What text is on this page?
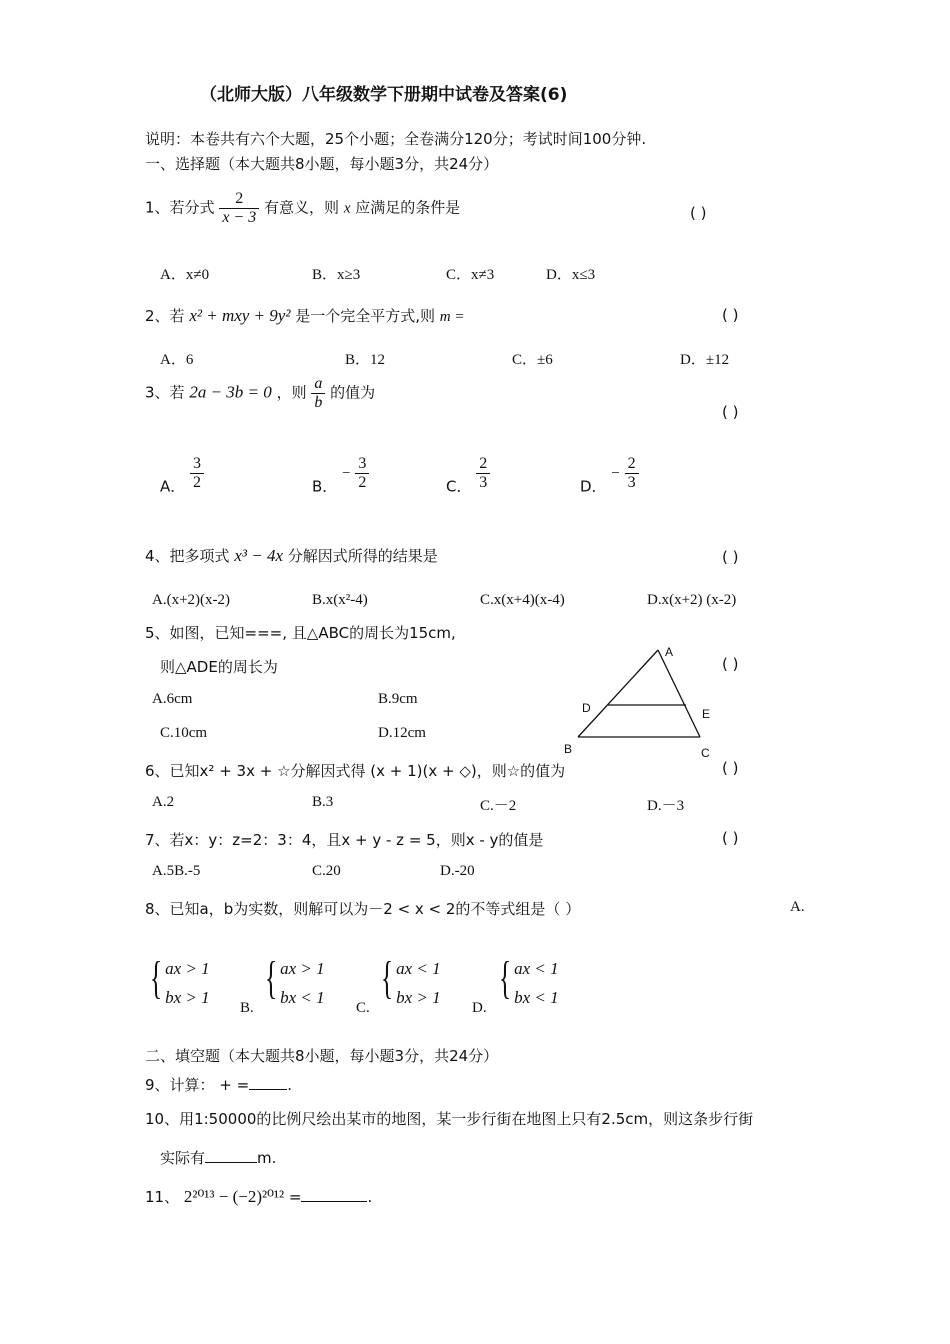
（北师大版）八年级数学下册期中试卷及答案(6)
说明：本卷共有六个大题，25个小题；全卷满分120分；考试时间100分钟.
一、选择题（本大题共8小题，每小题3分，共24分）
1、若分式 $\frac{2}{x - 3}$ 有意义，则 x 应满足的条件是	( )
A．x≠0	B．x≥3	C．x≠3	D．x≤3
2、若 x² + mxy + 9y² 是一个完全平方式,则 m =	( )
A．6	B．12	C．±6	D．±12
3、若 2a − 3b = 0 ，则 $\frac{a}{b}$ 的值为
( )
A． $\frac{3}{2}$	B． − $\frac{3}{2}$	C． $\frac{2}{3}$	D． − $\frac{2}{3}$
4、把多项式 x³ − 4x 分解因式所得的结果是	( )
A.(x+2)(x-2)	B.x(x²-4)	C.x(x+4)(x-4)	D.x(x+2) (x-2)
5、如图，已知===, 且△ABC的周长为15cm,
则△ADE的周长为	( )
A.6cm	B.9cm
C.10cm	D.12cm
A
D	E
B	C
6、已知x² + 3x + ☆分解因式得 (x + 1)(x + ◇)，则☆的值为	( )
A.2	B.3	C.－2	D.－3
7、若x：y：z=2：3：4，且x + y - z = 5，则x - y的值是	( )
A.5B.-5	C.20	D.-20
8、已知a，b为实数，则解可以为－2 < x < 2的不等式组是（ ）	A.
{ ax > 1
bx > 1
B.
{ ax > 1
bx < 1
C.
{ ax < 1
bx > 1
D.
{ ax < 1
bx < 1
二、填空题（本大题共8小题，每小题3分，共24分）
9、计算： + =	.
10、用1:50000的比例尺绘出某市的地图，某一步行街在地图上只有2.5cm，则这条步行街
实际有	m.
11、 2²⁰¹³ − (−2)²⁰¹² =	.
